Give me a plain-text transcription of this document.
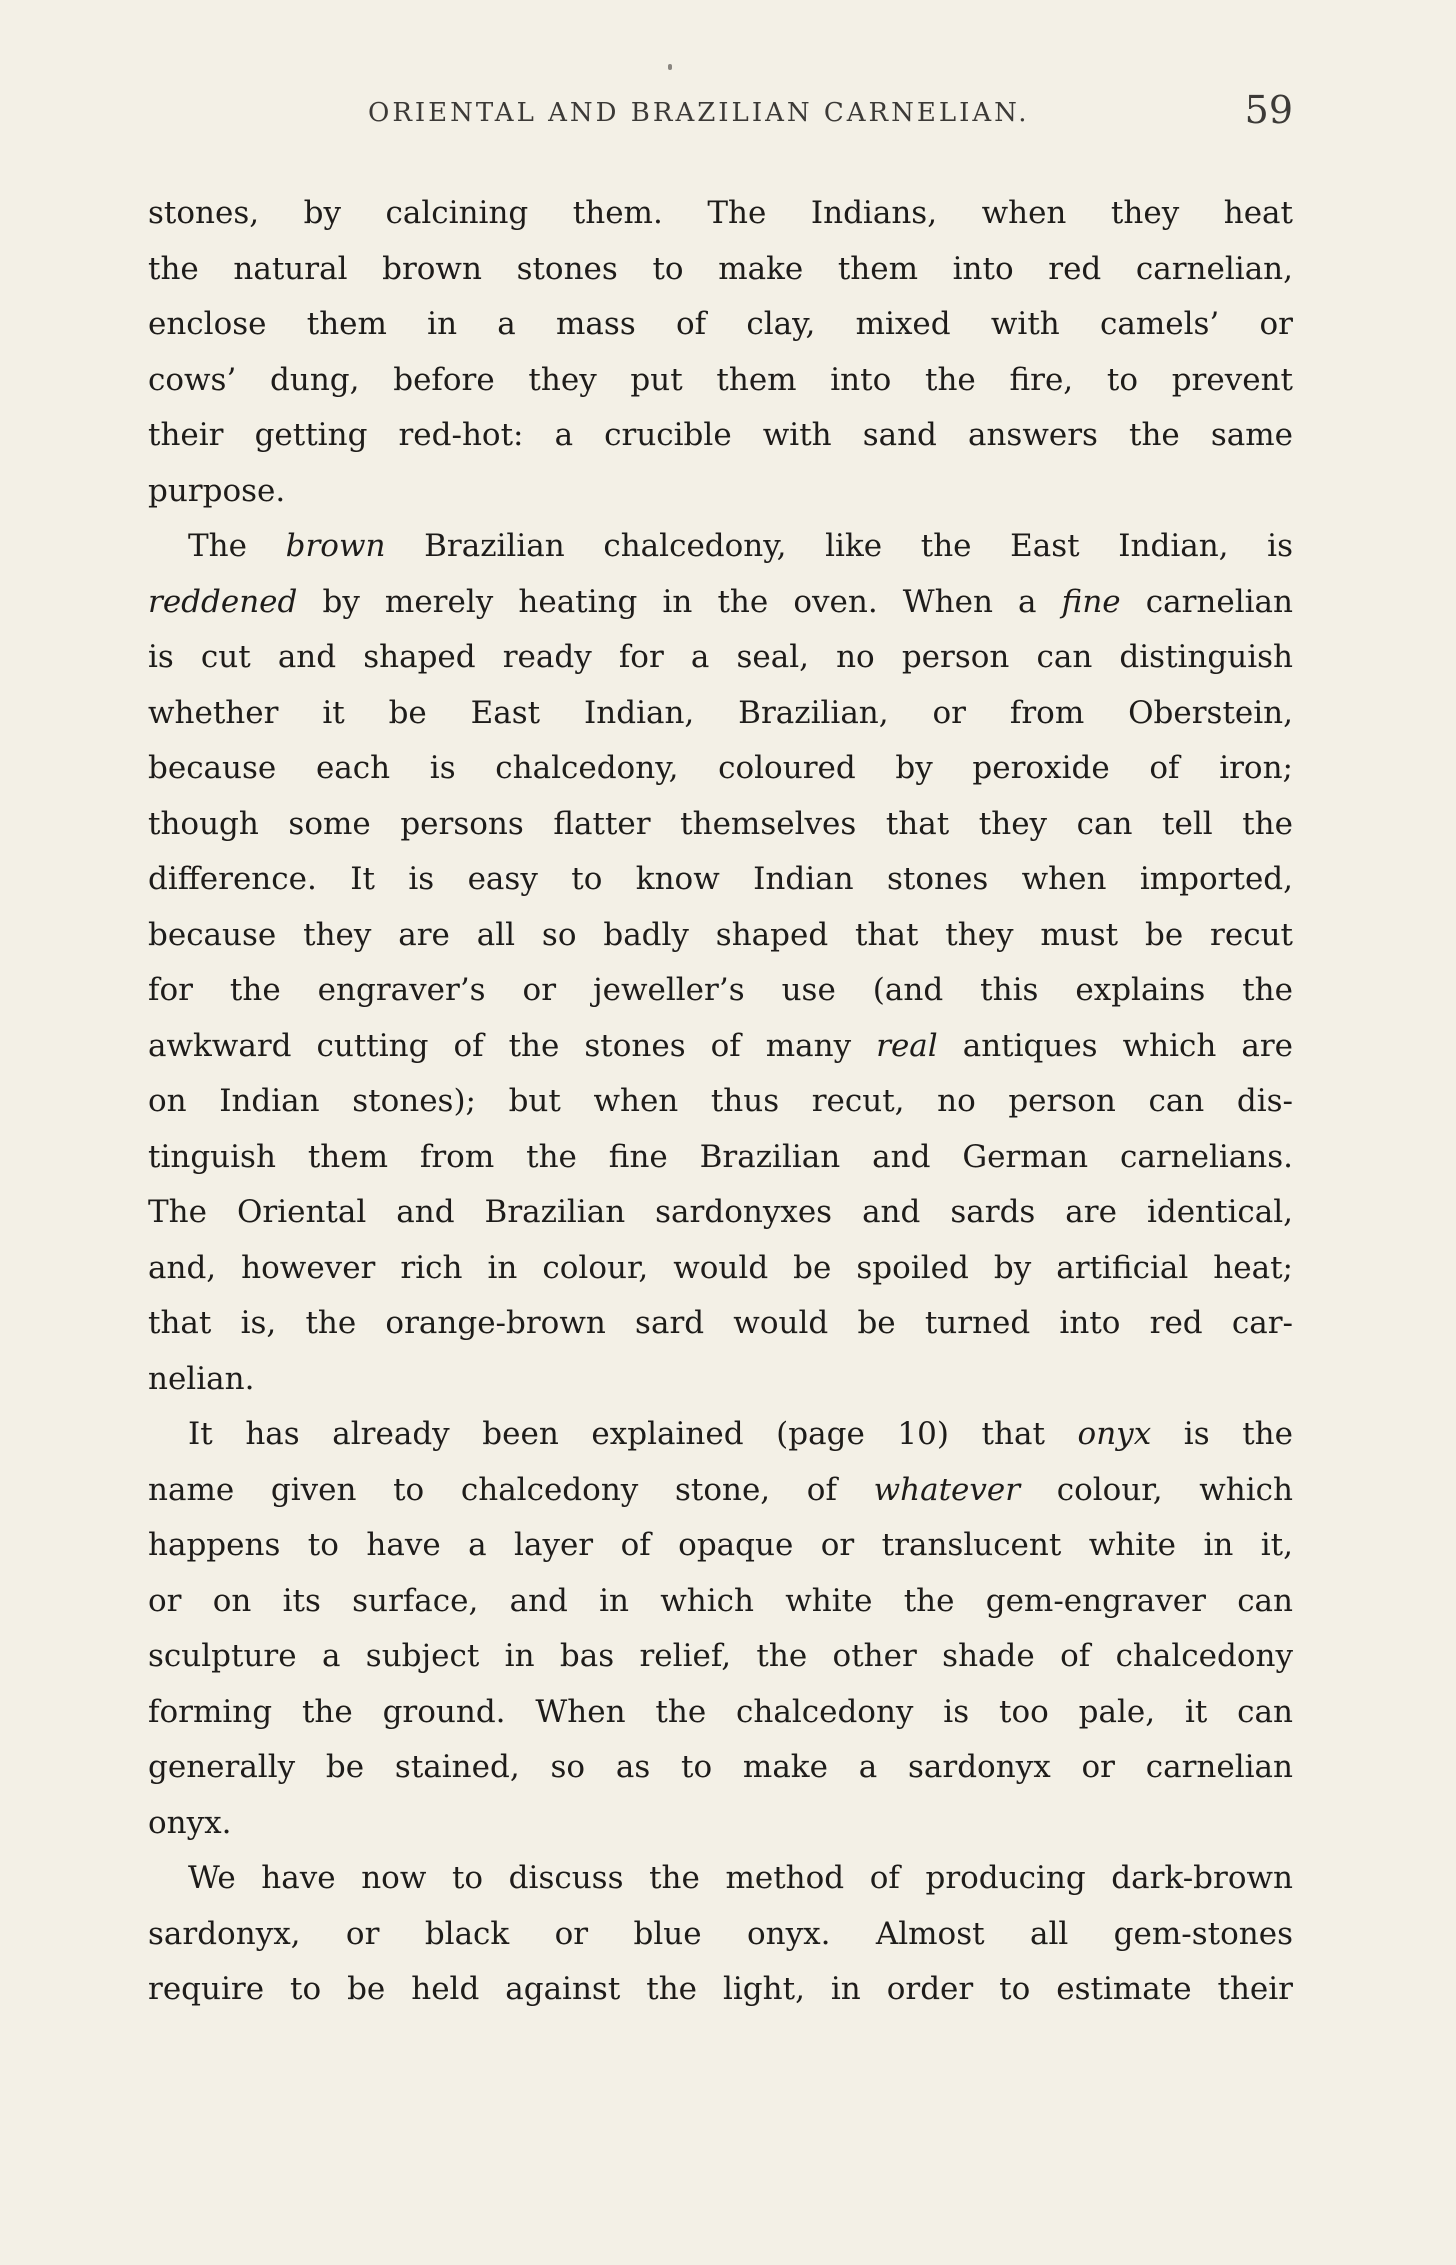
ORIENTAL AND BRAZILIAN CARNELIAN.	59
stones, by calcining them. The Indians, when they heat
the natural brown stones to make them into red carnelian,
enclose them in a mass of clay, mixed with camels’ or
cows’ dung, before they put them into the fire, to prevent
their getting red-hot: a crucible with sand answers the same
purpose.
The brown Brazilian chalcedony, like the East Indian, is
reddened by merely heating in the oven. When a fine carnelian
is cut and shaped ready for a seal, no person can distinguish
whether it be East Indian, Brazilian, or from Oberstein,
because each is chalcedony, coloured by peroxide of iron;
though some persons flatter themselves that they can tell the
difference. It is easy to know Indian stones when imported,
because they are all so badly shaped that they must be recut
for the engraver’s or jeweller’s use (and this explains the
awkward cutting of the stones of many real antiques which are
on Indian stones); but when thus recut, no person can dis-
tinguish them from the fine Brazilian and German carnelians.
The Oriental and Brazilian sardonyxes and sards are identical,
and, however rich in colour, would be spoiled by artificial heat;
that is, the orange-brown sard would be turned into red car-
nelian.
It has already been explained (page 10) that onyx is the
name given to chalcedony stone, of whatever colour, which
happens to have a layer of opaque or translucent white in it,
or on its surface, and in which white the gem-engraver can
sculpture a subject in bas relief, the other shade of chalcedony
forming the ground. When the chalcedony is too pale, it can
generally be stained, so as to make a sardonyx or carnelian
onyx.
We have now to discuss the method of producing dark-brown
sardonyx, or black or blue onyx. Almost all gem-stones
require to be held against the light, in order to estimate their
